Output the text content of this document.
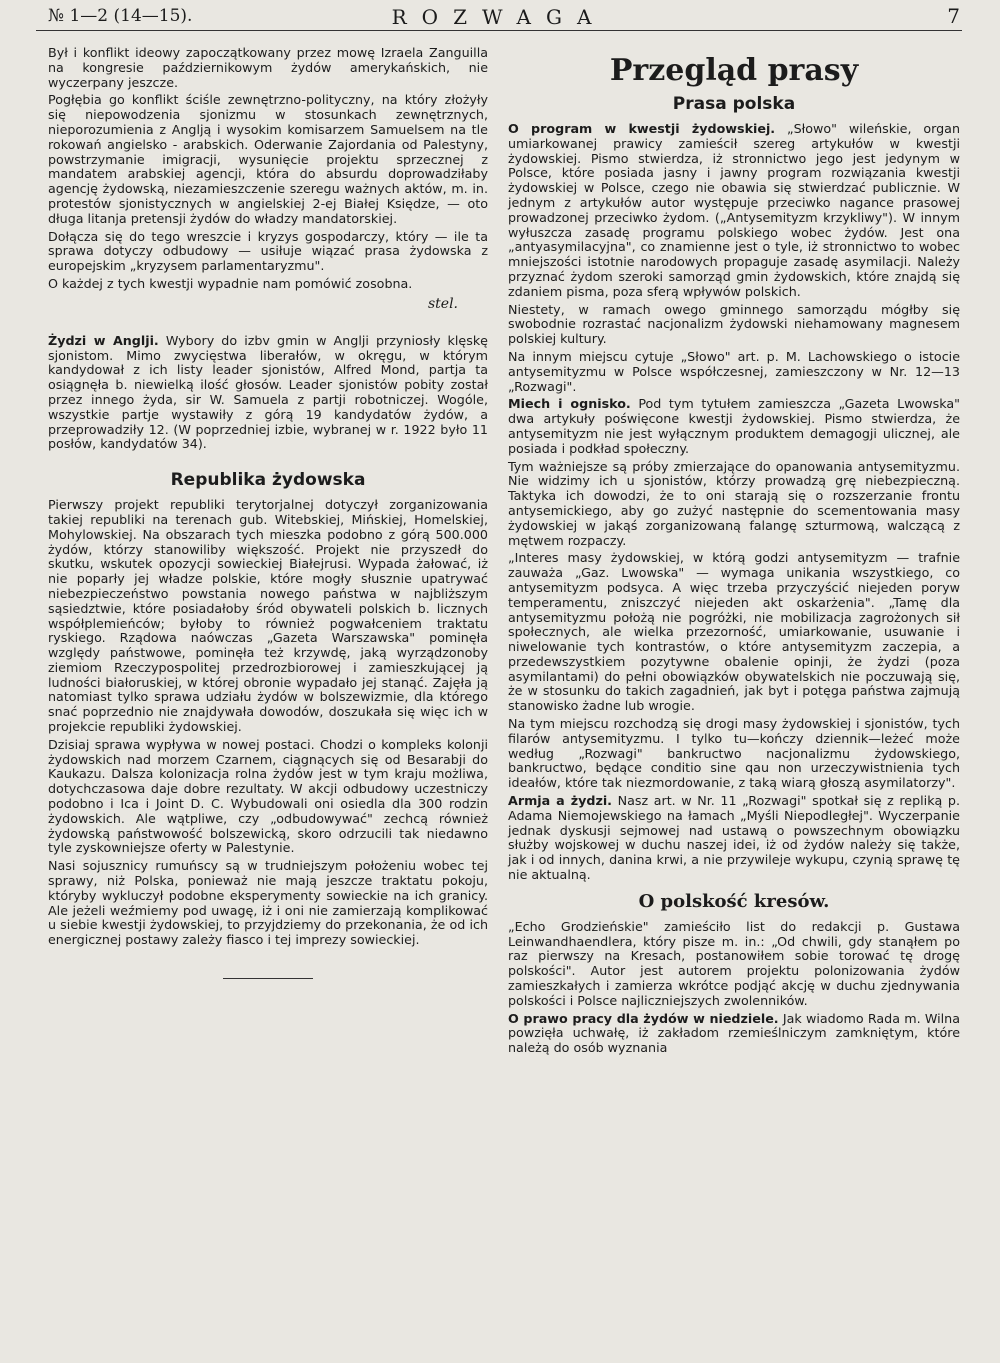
№ 1—2 (14—15).	ROZWAGA	7

Był i konflikt ideowy zapoczątkowany przez mowę Izraela Zanguilla na kongresie październikowym żydów amerykańskich, nie wyczerpany jeszcze.

Pogłębia go konflikt ściśle zewnętrzno-polityczny, na który złożyły się niepowodzenia sjonizmu w stosunkach zewnętrznych, nieporozumienia z Anglją i wysokim komisarzem Samuelsem na tle rokowań angielsko - arabskich. Oderwanie Zajordania od Palestyny, powstrzymanie imigracji, wysunięcie projektu sprzecznej z mandatem arabskiej agencji, która do absurdu doprowadziłaby agencję żydowską, niezamieszczenie szeregu ważnych aktów, m. in. protestów sjonistycznych w angielskiej 2-ej Białej Księdze, — oto długa litanja pretensji żydów do władzy mandatorskiej.

Dołącza się do tego wreszcie i kryzys gospodarczy, który — ile ta sprawa dotyczy odbudowy — usiłuje wiązać prasa żydowska z europejskim „kryzysem parlamentaryzmu".

O każdej z tych kwestji wypadnie nam pomówić zosobna.

stel.

Żydzi w Anglji. Wybory do izbv gmin w Anglji przyniosły klęskę sjonistom. Mimo zwycięstwa liberałów, w okręgu, w którym kandydował z ich listy leader sjonistów, Alfred Mond, partja ta osiągnęła b. niewielką ilość głosów. Leader sjonistów pobity został przez innego żyda, sir W. Samuela z partji robotniczej. Wogóle, wszystkie partje wystawiły z górą 19 kandydatów żydów, a przeprowadziły 12. (W poprzedniej izbie, wybranej w r. 1922 było 11 posłów, kandydatów 34).

Republika żydowska

Pierwszy projekt republiki terytorjalnej dotyczył zorganizowania takiej republiki na terenach gub. Witebskiej, Mińskiej, Homelskiej, Mohylowskiej. Na obszarach tych mieszka podobno z górą 500.000 żydów, którzy stanowiliby większość. Projekt nie przyszedł do skutku, wskutek opozycji sowieckiej Białejrusi. Wypada żałować, iż nie poparły jej władze polskie, które mogły słusznie upatrywać niebezpieczeństwo powstania nowego państwa w najbliższym sąsiedztwie, które posiadałoby śród obywateli polskich b. licznych współplemieńców; byłoby to również pogwałceniem traktatu ryskiego. Rządowa naówczas „Gazeta Warszawska" pominęła względy państwowe, pominęła też krzywdę, jaką wyrządzonoby ziemiom Rzeczypospolitej przedrozbiorowej i zamieszkującej ją ludności białoruskiej, w której obronie wypadało jej stanąć. Zajęła ją natomiast tylko sprawa udziału żydów w bolszewizmie, dla którego snać poprzednio nie znajdywała dowodów, doszukała się więc ich w projekcie republiki żydowskiej.

Dzisiaj sprawa wypływa w nowej postaci. Chodzi o kompleks kolonji żydowskich nad morzem Czarnem, ciągnących się od Besarabji do Kaukazu. Dalsza kolonizacja rolna żydów jest w tym kraju możliwa, dotychczasowa daje dobre rezultaty. W akcji odbudowy uczestniczy podobno i Ica i Joint D. C. Wybudowali oni osiedla dla 300 rodzin żydowskich. Ale wątpliwe, czy „odbudowywać" zechcą również żydowską państwowość bolszewicką, skoro odrzucili tak niedawno tyle zyskowniejsze oferty w Palestynie.

Nasi sojusznicy rumuńscy są w trudniejszym położeniu wobec tej sprawy, niż Polska, ponieważ nie mają jeszcze traktatu pokoju, któryby wykluczył podobne eksperymenty sowieckie na ich granicy. Ale jeżeli weźmiemy pod uwagę, iż i oni nie zamierzają komplikować u siebie kwestji żydowskiej, to przyjdziemy do przekonania, że od ich energicznej postawy zależy fiasco i tej imprezy sowieckiej.

Przegląd prasy
Prasa polska

O program w kwestji żydowskiej. „Słowo" wileńskie, organ umiarkowanej prawicy zamieścił szereg artykułów w kwestji żydowskiej. Pismo stwierdza, iż stronnictwo jego jest jedynym w Polsce, które posiada jasny i jawny program rozwiązania kwestji żydowskiej w Polsce, czego nie obawia się stwierdzać publicznie. W jednym z artykułów autor występuje przeciwko nagance prasowej prowadzonej przeciwko żydom. („Antysemityzm krzykliwy"). W innym wyłuszcza zasadę programu polskiego wobec żydów. Jest ona „antyasymilacyjna", co znamienne jest o tyle, iż stronnictwo to wobec mniejszości istotnie narodowych propaguje zasadę asymilacji. Należy przyznać żydom szeroki samorząd gmin żydowskich, które znajdą się zdaniem pisma, poza sferą wpływów polskich.

Niestety, w ramach owego gminnego samorządu mógłby się swobodnie rozrastać nacjonalizm żydowski niehamowany magnesem polskiej kultury.

Na innym miejscu cytuje „Słowo" art. p. M. Lachowskiego o istocie antysemityzmu w Polsce współczesnej, zamieszczony w Nr. 12—13 „Rozwagi".

Miech i ognisko. Pod tym tytułem zamieszcza „Gazeta Lwowska" dwa artykuły poświęcone kwestji żydowskiej. Pismo stwierdza, że antysemityzm nie jest wyłącznym produktem demagogji ulicznej, ale posiada i podkład społeczny.

Tym ważniejsze są próby zmierzające do opanowania antysemityzmu. Nie widzimy ich u sjonistów, którzy prowadzą grę niebezpieczną. Taktyka ich dowodzi, że to oni starają się o rozszerzanie frontu antysemickiego, aby go zużyć następnie do scementowania masy żydowskiej w jakąś zorganizowaną falangę szturmową, walczącą z mętwem rozpaczy.

„Interes masy żydowskiej, w którą godzi antysemityzm — trafnie zauważa „Gaz. Lwowska" — wymaga unikania wszystkiego, co antysemityzm podsyca. A więc trzeba przyczyścić niejeden poryw temperamentu, zniszczyć niejeden akt oskarżenia". „Tamę dla antysemityzmu położą nie pogróżki, nie mobilizacja zagrożonych sił społecznych, ale wielka przezorność, umiarkowanie, usuwanie i niwelowanie tych kontrastów, o które antysemityzm zaczepia, a przedewszystkiem pozytywne obalenie opinji, że żydzi (poza asymilantami) do pełni obowiązków obywatelskich nie poczuwają się, że w stosunku do takich zagadnień, jak byt i potęga państwa zajmują stanowisko żadne lub wrogie.

Na tym miejscu rozchodzą się drogi masy żydowskiej i sjonistów, tych filarów antysemityzmu. I tylko tu—kończy dziennik—leżeć może według „Rozwagi" bankructwo nacjonalizmu żydowskiego, bankructwo, będące conditio sine qau non urzeczywistnienia tych ideałów, które tak niezmordowanie, z taką wiarą głoszą asymilatorzy".

Armja a żydzi. Nasz art. w Nr. 11 „Rozwagi" spotkał się z repliką p. Adama Niemojewskiego na łamach „Myśli Niepodległej". Wyczerpanie jednak dyskusji sejmowej nad ustawą o powszechnym obowiązku służby wojskowej w duchu naszej idei, iż od żydów należy się także, jak i od innych, danina krwi, a nie przywileje wykupu, czynią sprawę tę nie aktualną.

O polskość kresów.

„Echo Grodzieńskie" zamieściło list do redakcji p. Gustawa Leinwandhaendlera, który pisze m. in.: „Od chwili, gdy stanąłem po raz pierwszy na Kresach, postanowiłem sobie torować tę drogę polskości". Autor jest autorem projektu polonizowania żydów zamieszkałych i zamierza wkrótce podjąć akcję w duchu zjednywania polskości i Polsce najliczniejszych zwolenników.

O prawo pracy dla żydów w niedziele. Jak wiadomo Rada m. Wilna powzięła uchwałę, iż zakładom rzemieślniczym zamkniętym, które należą do osób wyznania
